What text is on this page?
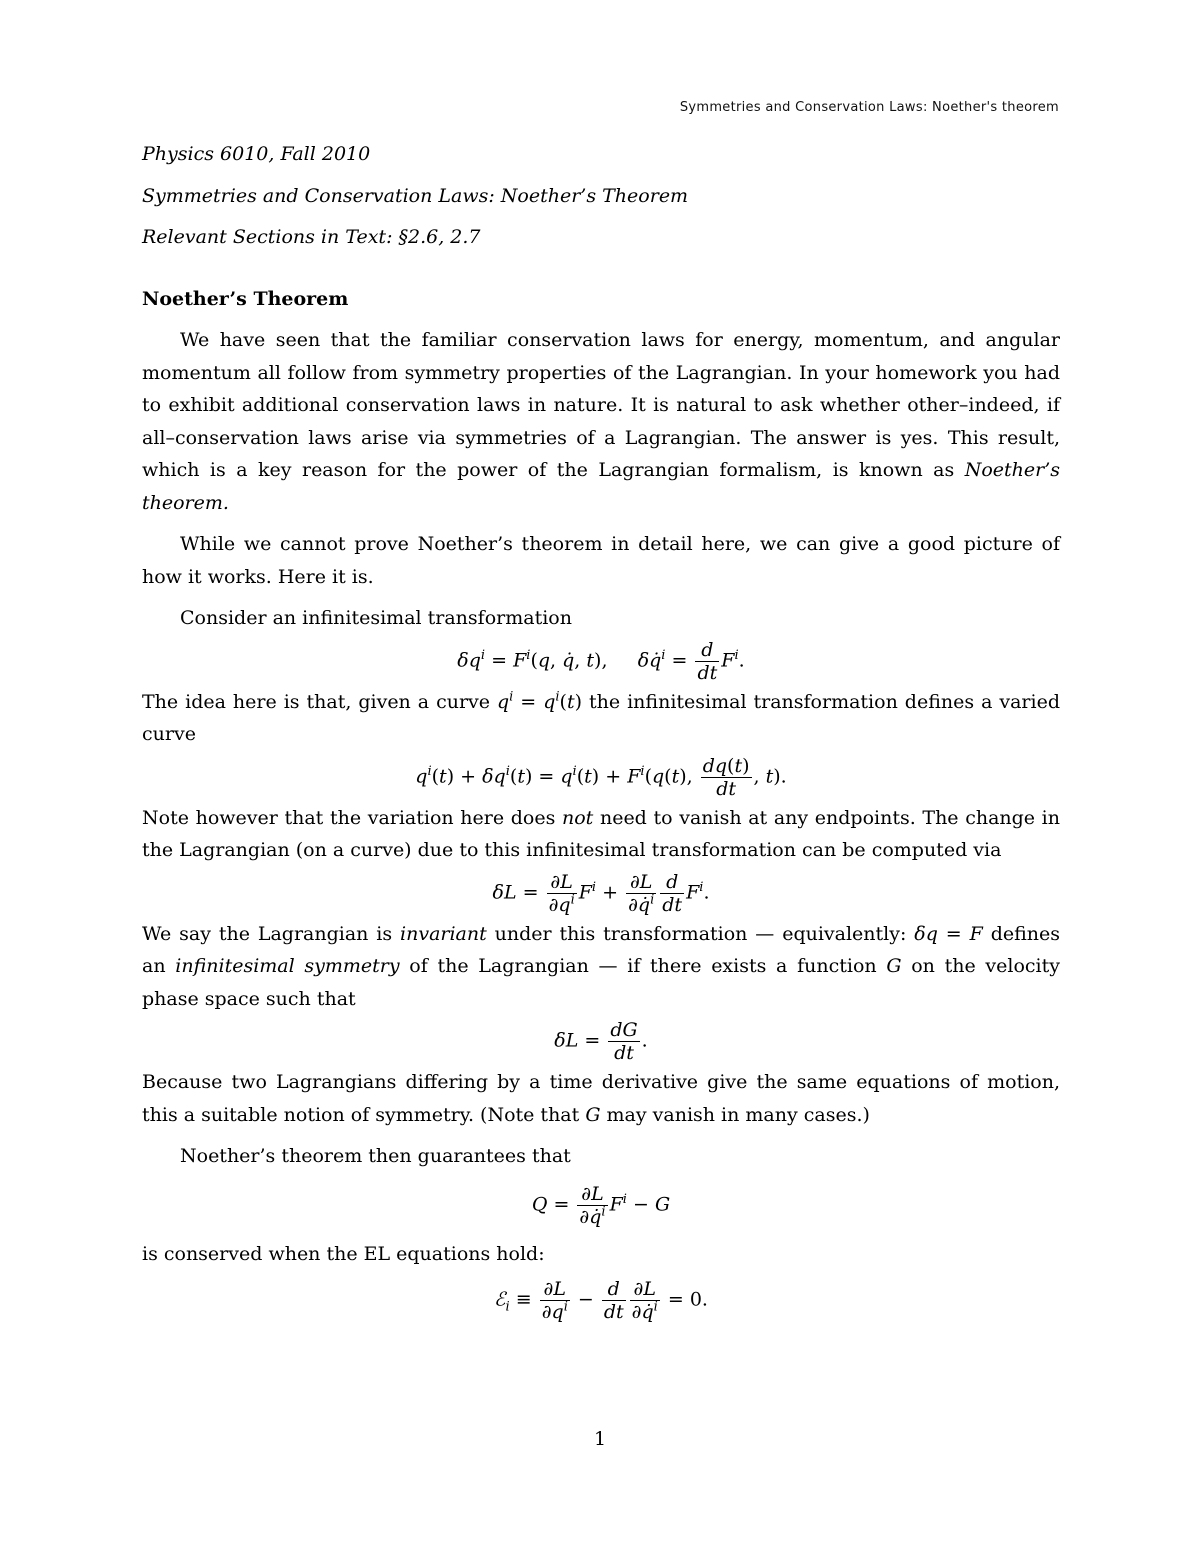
Symmetries and Conservation Laws: Noether's theorem
Physics 6010, Fall 2010
Symmetries and Conservation Laws: Noether’s Theorem
Relevant Sections in Text: §2.6, 2.7
Noether’s Theorem

We have seen that the familiar conservation laws for energy, momentum, and angular momentum all follow from symmetry properties of the Lagrangian. In your homework you had to exhibit additional conservation laws in nature. It is natural to ask whether other–indeed, if all–conservation laws arise via symmetries of a Lagrangian. The answer is yes. This result, which is a key reason for the power of the Lagrangian formalism, is known as Noether’s theorem.

While we cannot prove Noether’s theorem in detail here, we can give a good picture of how it works. Here it is.

Consider an infinitesimal transformation

$\delta q^i = F^i(q$, q̇, t),     δq̇$^i$ = $\frac{d}{dt} F^i$.

The idea here is that, given a curve $q^i = q^i(t)$ the infinitesimal transformation defines a varied curve

$q^i(t) + \delta q^i(t) = q^i(t) + F^i(q(t)$, $\frac{dq(t)}{dt}$ , t).

Note however that the variation here does not need to vanish at any endpoints. The change in the Lagrangian (on a curve) due to this infinitesimal transformation can be computed via

$\delta L = \frac{\partial L}{\partial q^i} F^i + \frac{\partial L}{\partial q̇^i} \frac{d}{dt} F^i$.

We say the Lagrangian is invariant under this transformation — equivalently: δq = F defines an infinitesimal symmetry of the Lagrangian — if there exists a function G on the velocity phase space such that

$\delta L = \frac{dG}{dt}$ .

Because two Lagrangians differing by a time derivative give the same equations of motion, this a suitable notion of symmetry. (Note that G may vanish in many cases.)

Noether’s theorem then guarantees that

$Q = \frac{\partial L}{\partial q̇^i} F^i - G$

is conserved when the EL equations hold:

ℰ$_i$ ≡ $\frac{\partial L}{\partial q^i} - \frac{d}{dt} \frac{\partial L}{\partial q̇^i} = 0$.
1
